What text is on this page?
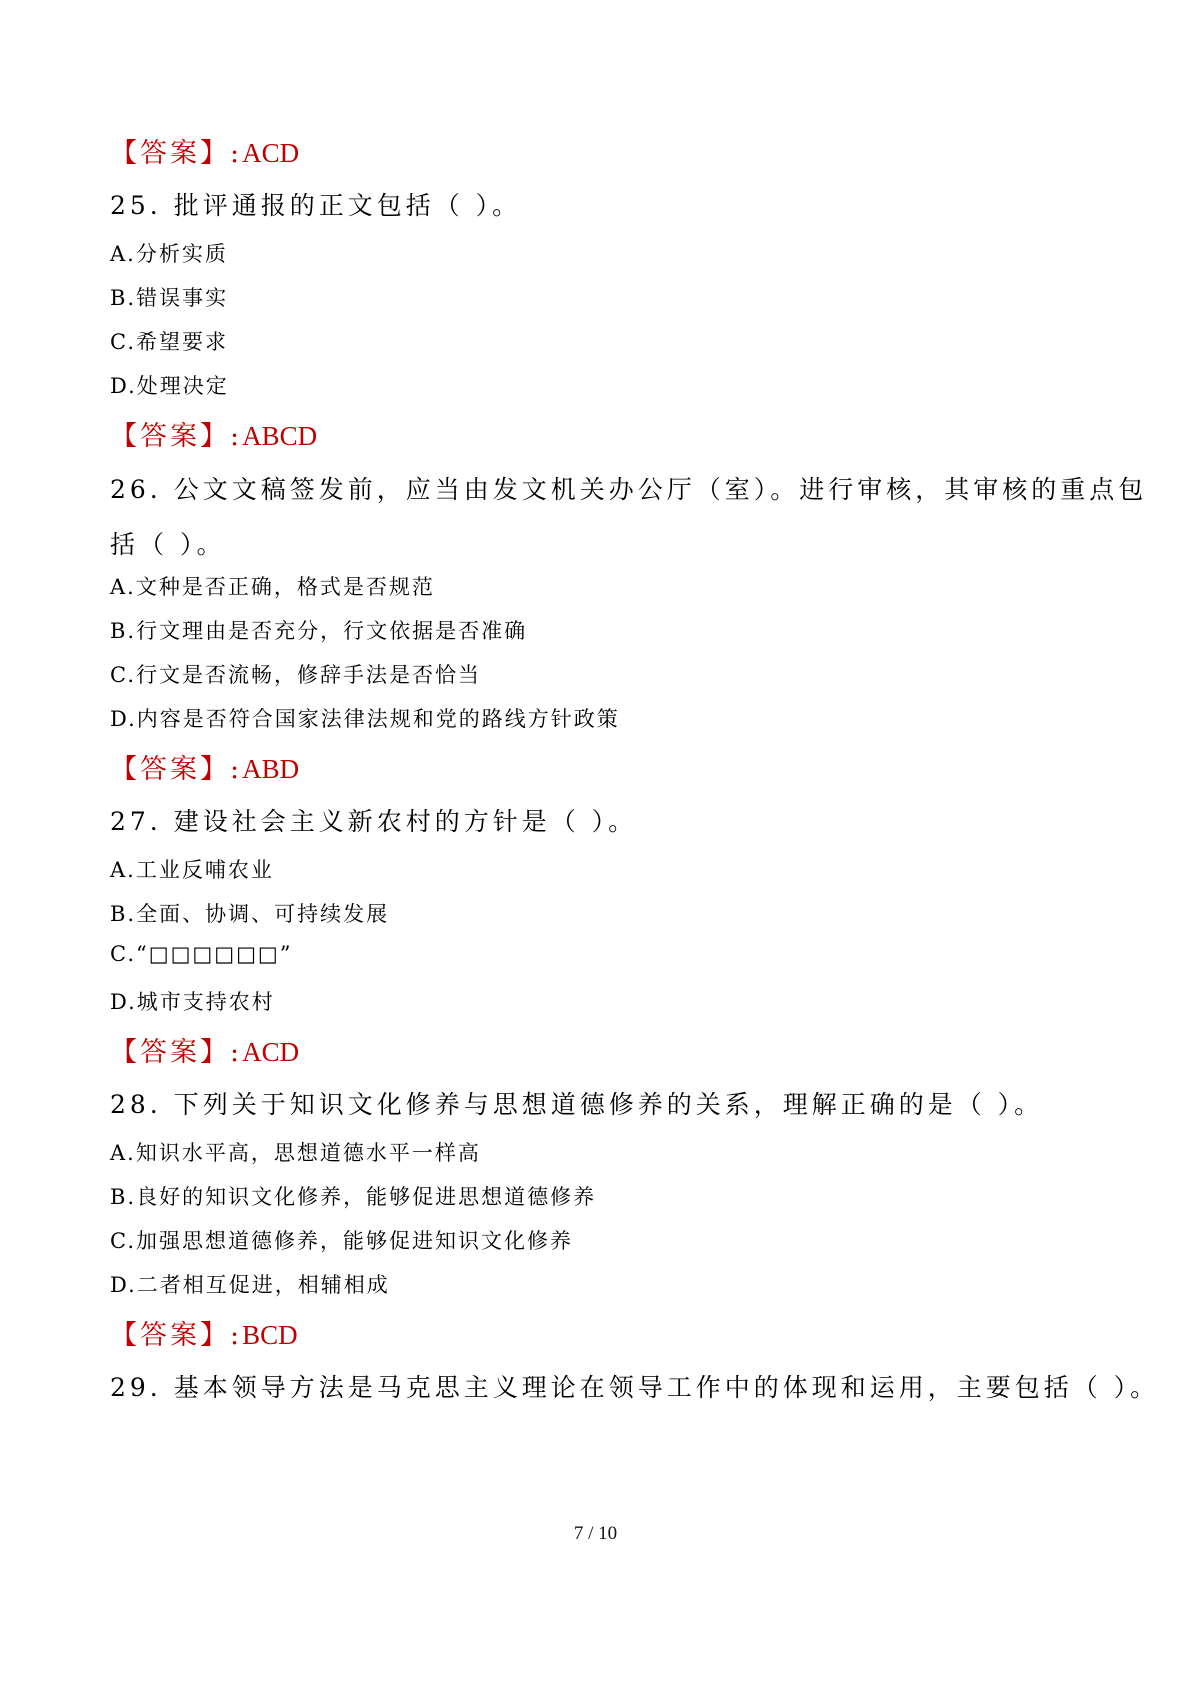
【答案】:ACD
25. 批评通报的正文包括（ ）。
A.分析实质
B.错误事实
C.希望要求
D.处理决定
【答案】:ABCD
26. 公文文稿签发前，应当由发文机关办公厅（室）。进行审核，其审核的重点包
括（ ）。
A.文种是否正确，格式是否规范
B.行文理由是否充分，行文依据是否准确
C.行文是否流畅，修辞手法是否恰当
D.内容是否符合国家法律法规和党的路线方针政策
【答案】:ABD
27. 建设社会主义新农村的方针是（ ）。
A.工业反哺农业
B.全面、协调、可持续发展
C.“□□□□□□”
D.城市支持农村
【答案】:ACD
28. 下列关于知识文化修养与思想道德修养的关系，理解正确的是（ ）。
A.知识水平高，思想道德水平一样高
B.良好的知识文化修养，能够促进思想道德修养
C.加强思想道德修养，能够促进知识文化修养
D.二者相互促进，相辅相成
【答案】:BCD
29. 基本领导方法是马克思主义理论在领导工作中的体现和运用，主要包括（ ）。
7 / 10
